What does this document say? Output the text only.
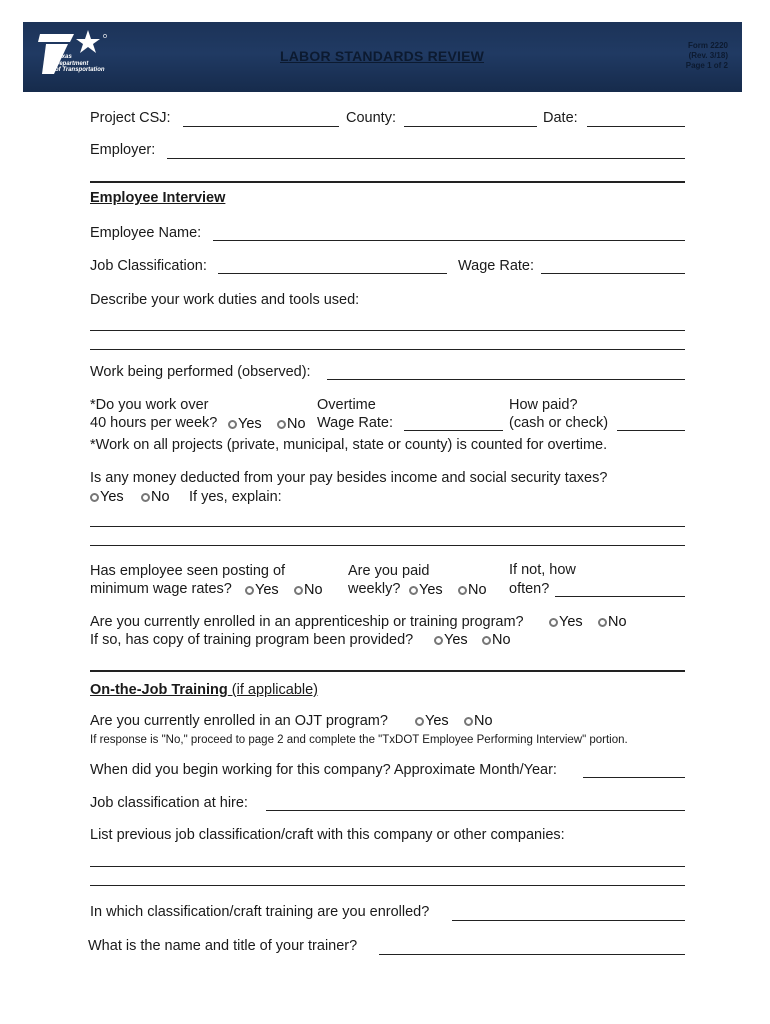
Texas
Department
of Transportation
LABOR STANDARDS REVIEW
Form 2220
(Rev. 3/18)
Page 1 of 2
Project CSJ:	County:	Date:
Employer:
Employee Interview
Employee Name:
Job Classification:	Wage Rate:
Describe your work duties and tools used:
Work being performed (observed):
*Do you work over
40 hours per week?	Yes	No
Overtime
Wage Rate:
How paid?
(cash or check)
*Work on all projects (private, municipal, state or county) is counted for overtime.
Is any money deducted from your pay besides income and social security taxes?
Yes	No If yes, explain:
Has employee seen posting of
minimum wage rates?	Yes	No
Are you paid
weekly?	Yes	No
If not, how
often?
Are you currently enrolled in an apprenticeship or training program?	Yes	No
If so, has copy of training program been provided?	Yes	No
On-the-Job Training (if applicable)
Are you currently enrolled in an OJT program?	Yes	No
If response is "No," proceed to page 2 and complete the "TxDOT Employee Performing Interview" portion.
When did you begin working for this company? Approximate Month/Year:
Job classification at hire:
List previous job classification/craft with this company or other companies:
In which classification/craft training are you enrolled?
What is the name and title of your trainer?
